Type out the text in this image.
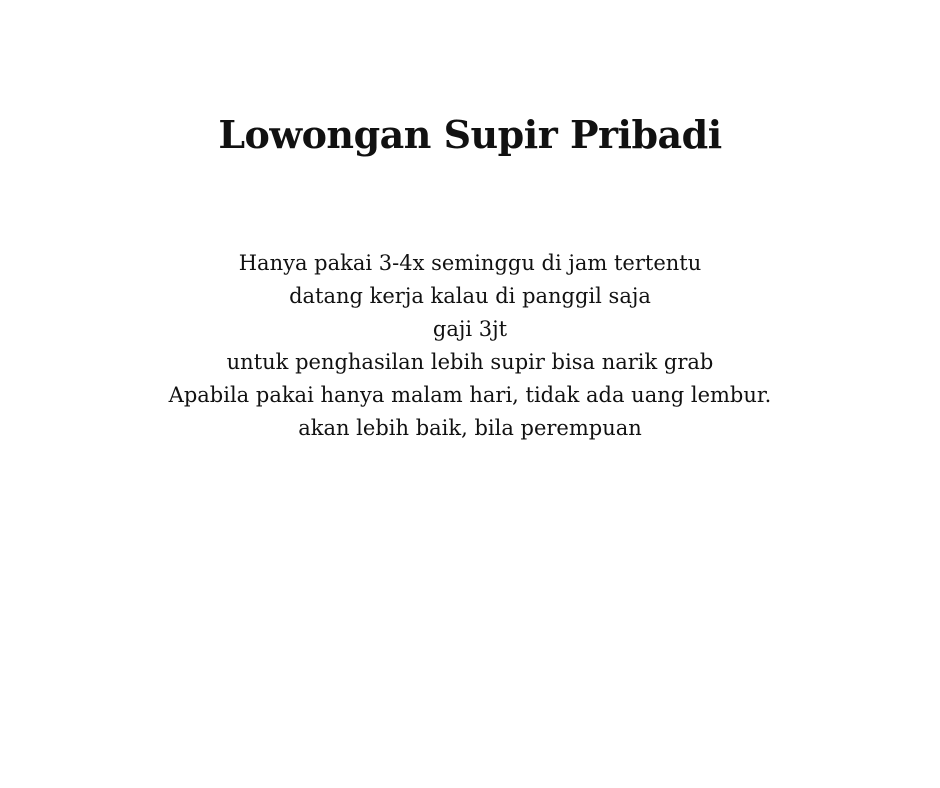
Lowongan Supir Pribadi
Hanya pakai 3-4x seminggu di jam tertentu
datang kerja kalau di panggil saja
gaji 3jt
untuk penghasilan lebih supir bisa narik grab
Apabila pakai hanya malam hari, tidak ada uang lembur.
akan lebih baik, bila perempuan
